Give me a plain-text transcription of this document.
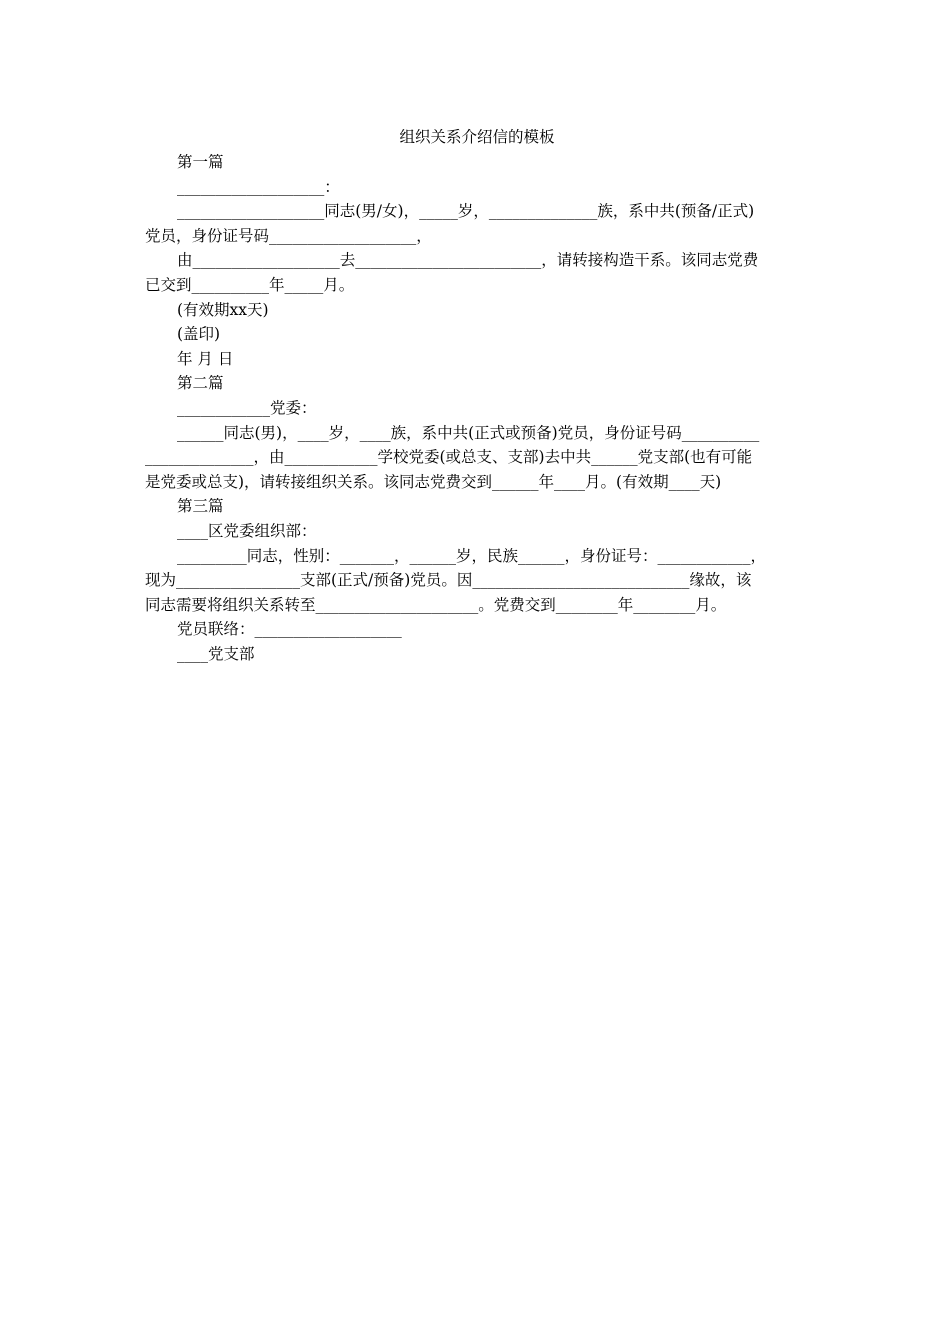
组织关系介绍信的模板

第一篇

___________________：

___________________同志(男/女)，_____岁，______________族，系中共(预备/正式)

党员，身份证号码___________________，

由___________________去________________________，请转接构造干系。该同志党费

已交到__________年_____月。

(有效期xx天)

(盖印)

年 月 日

第二篇

____________党委：

______同志(男)，____岁，____族，系中共(正式或预备)党员，身份证号码__________

______________，由____________学校党委(或总支、支部)去中共______党支部(也有可能

是党委或总支)，请转接组织关系。该同志党费交到______年____月。(有效期____天)

第三篇

____区党委组织部：

_________同志，性别：_______，______岁，民族______，身份证号：____________，

现为________________支部(正式/预备)党员。因____________________________缘故，该

同志需要将组织关系转至_____________________。党费交到________年________月。

党员联络：___________________

____党支部
